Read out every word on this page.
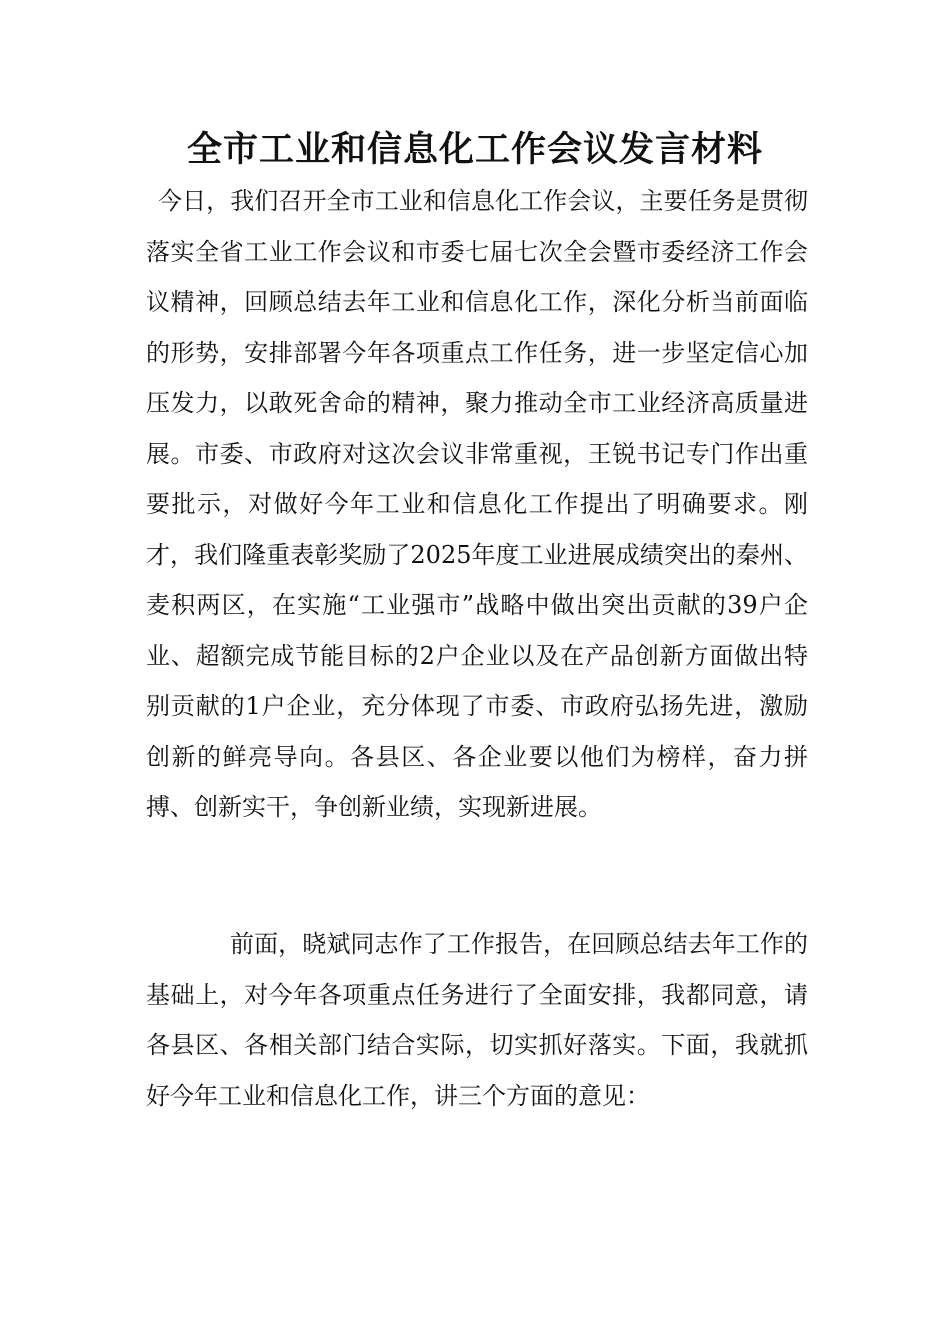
全市工业和信息化工作会议发言材料

今日，我们召开全市工业和信息化工作会议，主要任务是贯彻落实全省工业工作会议和市委七届七次全会暨市委经济工作会议精神，回顾总结去年工业和信息化工作，深化分析当前面临的形势，安排部署今年各项重点工作任务，进一步坚定信心加压发力，以敢死舍命的精神，聚力推动全市工业经济高质量进展。市委、市政府对这次会议非常重视，王锐书记专门作出重要批示，对做好今年工业和信息化工作提出了明确要求。刚才，我们隆重表彰奖励了2025年度工业进展成绩突出的秦州、麦积两区，在实施“工业强市”战略中做出突出贡献的39户企业、超额完成节能目标的2户企业以及在产品创新方面做出特别贡献的1户企业，充分体现了市委、市政府弘扬先进，激励创新的鲜亮导向。各县区、各企业要以他们为榜样，奋力拼搏、创新实干，争创新业绩，实现新进展。

前面，晓斌同志作了工作报告，在回顾总结去年工作的基础上，对今年各项重点任务进行了全面安排，我都同意，请各县区、各相关部门结合实际，切实抓好落实。下面，我就抓好今年工业和信息化工作，讲三个方面的意见：
